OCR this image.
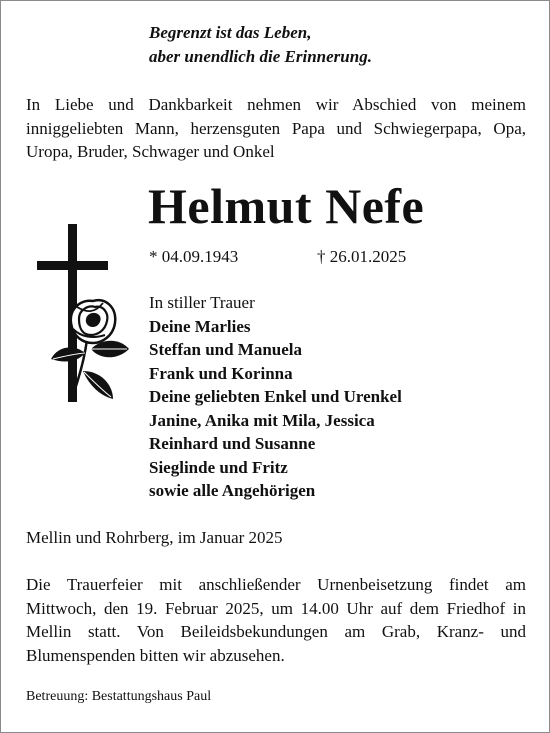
Begrenzt ist das Leben,
aber unendlich die Erinnerung.
In Liebe und Dankbarkeit nehmen wir Abschied von meinem inniggeliebten Mann, herzensguten Papa und Schwiegerpapa, Opa, Uropa, Bruder, Schwager und Onkel
Helmut Nefe
* 04.09.1943	† 26.01.2025
In stiller Trauer
Deine Marlies
Steffan und Manuela
Frank und Korinna
Deine geliebten Enkel und Urenkel
Janine, Anika mit Mila, Jessica
Reinhard und Susanne
Sieglinde und Fritz
sowie alle Angehörigen
Mellin und Rohrberg, im Januar 2025
Die Trauerfeier mit anschließender Urnenbeisetzung findet am Mittwoch, den 19. Februar 2025, um 14.00 Uhr auf dem Friedhof in Mellin statt. Von Beileidsbekundungen am Grab, Kranz- und Blumenspenden bitten wir abzusehen.
Betreuung: Bestattungshaus Paul
